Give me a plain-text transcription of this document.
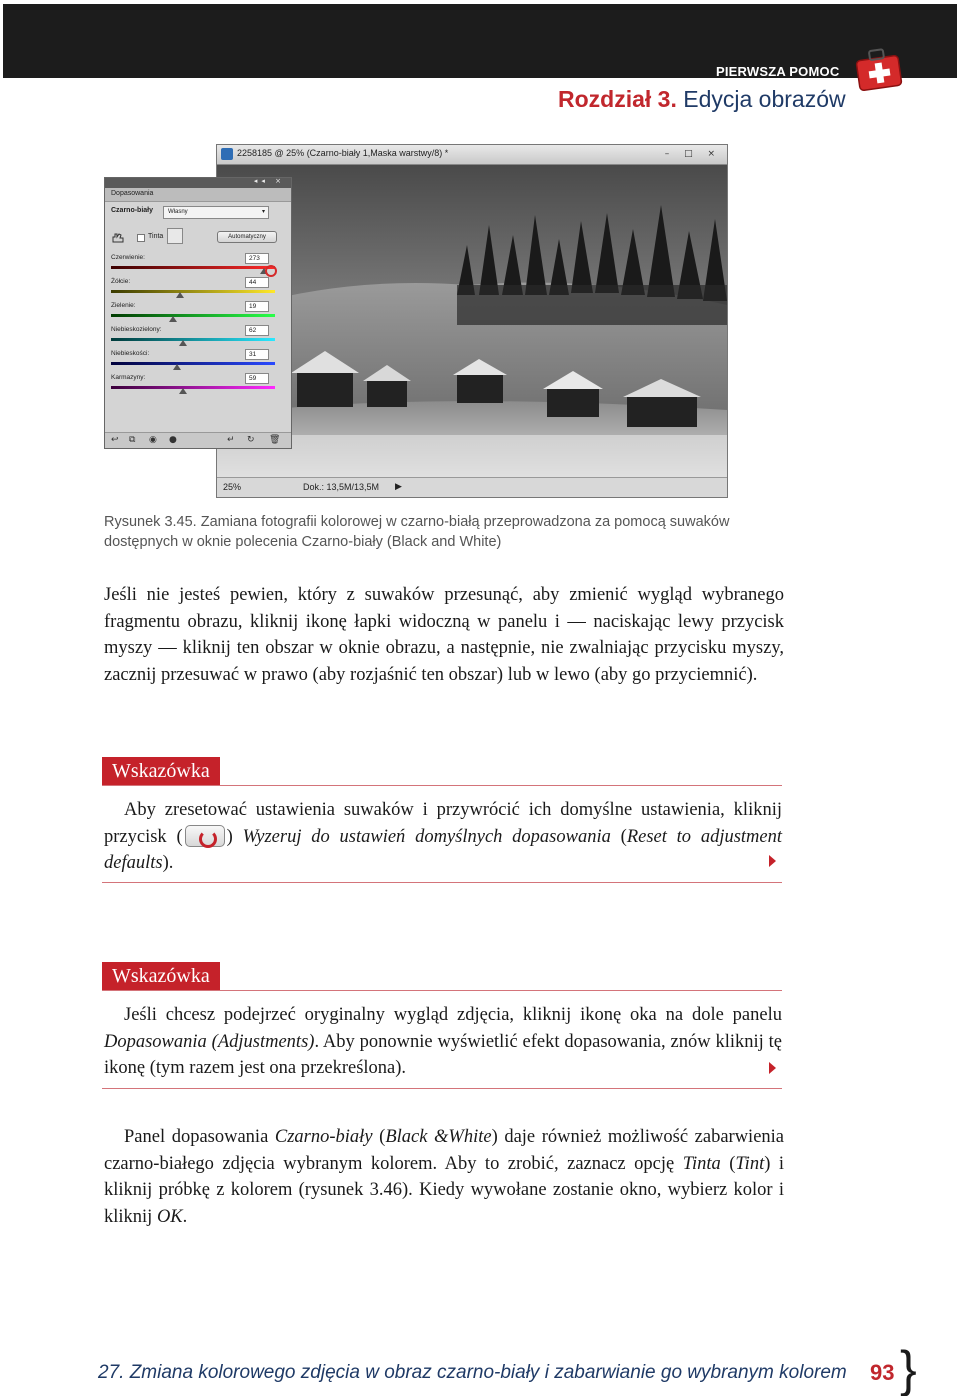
PIERWSZA POMOC
Rozdział 3. Edycja obrazów
2258185 @ 25% (Czarno-biały 1,Maska warstwy/8) *	– □ ×
25%	Dok.: 13,5M/13,5M ▶
◂◂ ×
Dopasowania
Czarno-biały	Własny	▾
Tinta	Automatyczny
Czerwienie:	273
Żółcie:	44
Zielenie:	19
Niebieskozielony:	62
Niebieskości:	31
Karmazyny:	59
↩ ⧉ ◉ ●	↵ ↻ 🗑
Rysunek 3.45. Zamiana fotografii kolorowej w czarno-białą przeprowadzona za pomocą suwaków dostępnych w oknie polecenia Czarno-biały (Black and White)
Jeśli nie jesteś pewien, który z suwaków przesunąć, aby zmienić wygląd wybranego fragmentu obrazu, kliknij ikonę łapki widoczną w panelu i — naciskając lewy przycisk myszy — kliknij ten obszar w oknie obrazu, a następnie, nie zwalniając przycisku myszy, zacznij przesuwać w prawo (aby rozjaśnić ten obszar) lub w lewo (aby go przyciemnić).
Wskazówka
Aby zresetować ustawienia suwaków i przywrócić ich domyślne ustawienia, kliknij przycisk ( ) Wyzeruj do ustawień domyślnych dopasowania (Reset to adjustment defaults).
Wskazówka
Jeśli chcesz podejrzeć oryginalny wygląd zdjęcia, kliknij ikonę oka na dole panelu Dopasowania (Adjustments). Aby ponownie wyświetlić efekt dopasowania, znów kliknij tę ikonę (tym razem jest ona przekreślona).
Panel dopasowania Czarno-biały (Black &White) daje również możliwość zabarwienia czarno-białego zdjęcia wybranym kolorem. Aby to zrobić, zaznacz opcję Tinta (Tint) i kliknij próbkę z kolorem (rysunek 3.46). Kiedy wywołane zostanie okno, wybierz kolor i kliknij OK.
27. Zmiana kolorowego zdjęcia w obraz czarno-biały i zabarwianie go wybranym kolorem 93 }
